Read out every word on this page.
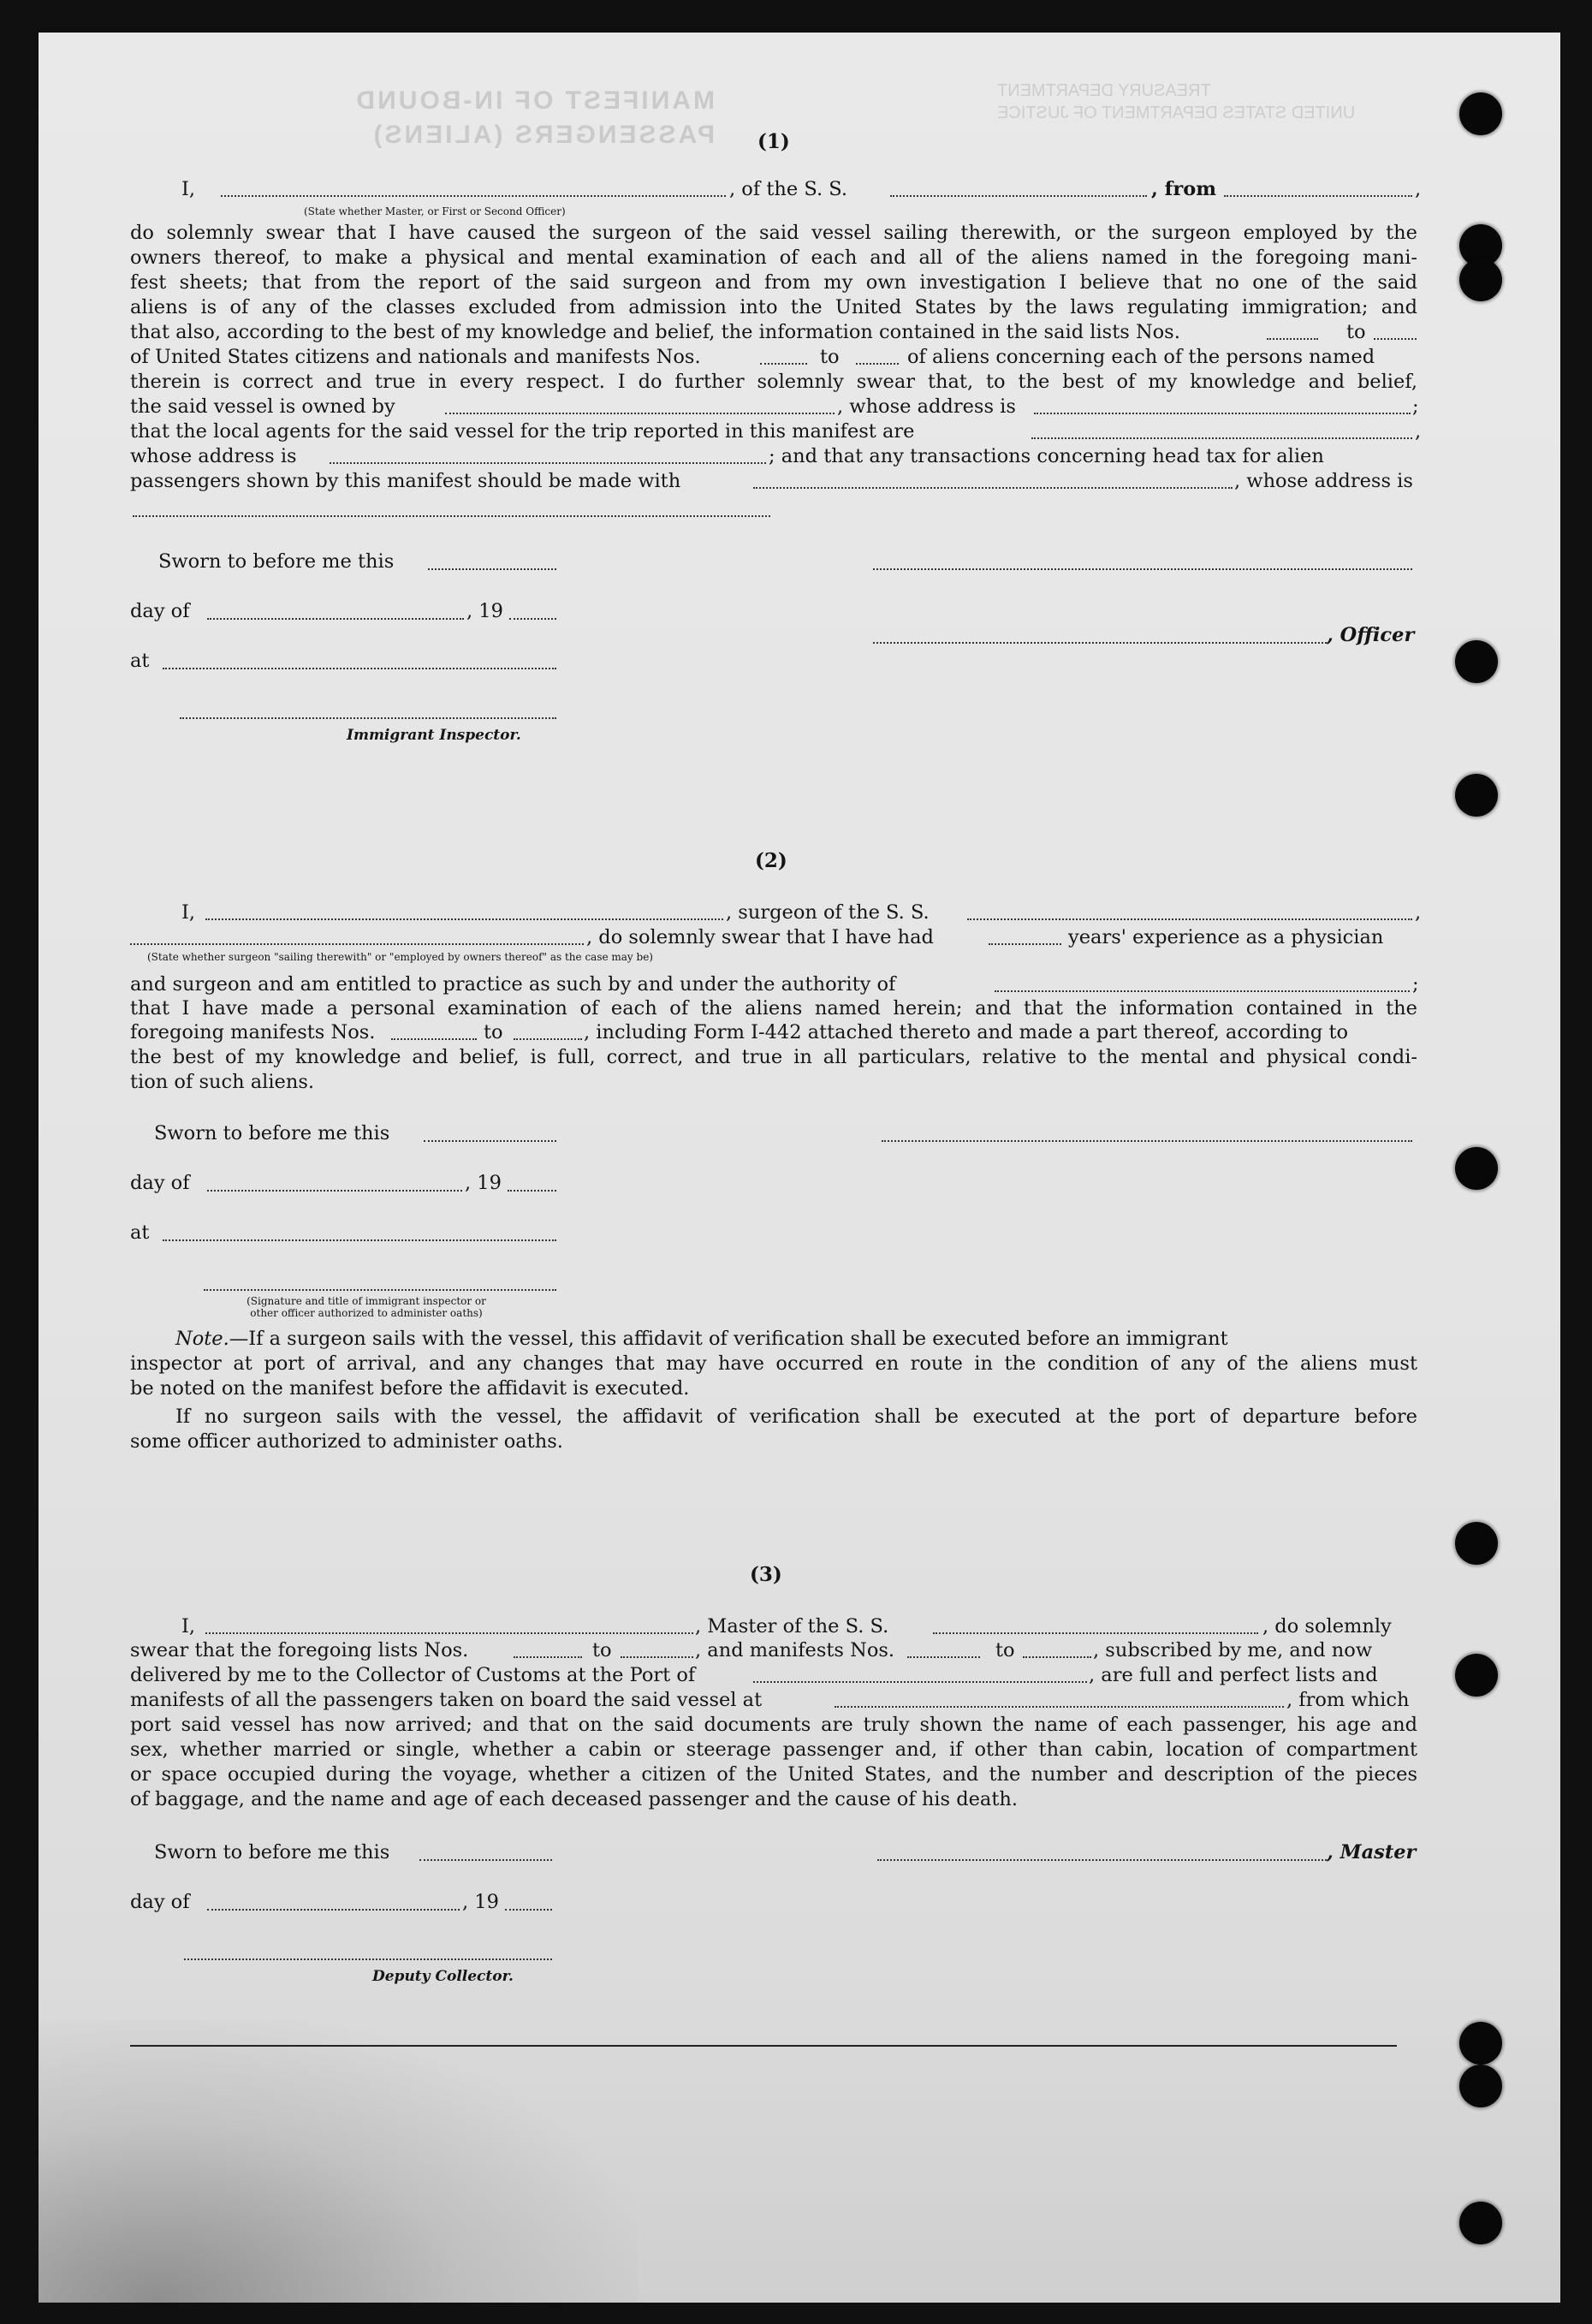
MANIFEST OF IN-BOUND PASSENGERS (ALIENS)
TREASURY DEPARTMENT
UNITED STATES DEPARTMENT OF JUSTICE
(1)
I,	, of the S. S.	, from	,
(State whether Master, or First or Second Officer)
do solemnly swear that I have caused the surgeon of the said vessel sailing therewith, or the surgeon employed by the
owners thereof, to make a physical and mental examination of each and all of the aliens named in the foregoing mani-
fest sheets; that from the report of the said surgeon and from my own investigation I believe that no one of the said
aliens is of any of the classes excluded from admission into the United States by the laws regulating immigration; and
that also, according to the best of my knowledge and belief, the information contained in the said lists Nos.	to
of United States citizens and nationals and manifests Nos.	to	of aliens concerning each of the persons named
therein is correct and true in every respect. I do further solemnly swear that, to the best of my knowledge and belief,
the said vessel is owned by	, whose address is	;
that the local agents for the said vessel for the trip reported in this manifest are	,
whose address is	; and that any transactions concerning head tax for alien
passengers shown by this manifest should be made with	, whose address is
Sworn to before me this
day of	, 19
, Officer
at
Immigrant Inspector.
(2)
I,	, surgeon of the S. S.	,
, do solemnly swear that I have had	years' experience as a physician
(State whether surgeon "sailing therewith" or "employed by owners thereof" as the case may be)
and surgeon and am entitled to practice as such by and under the authority of	;
that I have made a personal examination of each of the aliens named herein; and that the information contained in the
foregoing manifests Nos.	to	, including Form I-442 attached thereto and made a part thereof, according to
the best of my knowledge and belief, is full, correct, and true in all particulars, relative to the mental and physical condi-
tion of such aliens.
Sworn to before me this
day of	, 19
at
(Signature and title of immigrant inspector or
other officer authorized to administer oaths)
Note.—If a surgeon sails with the vessel, this affidavit of verification shall be executed before an immigrant
inspector at port of arrival, and any changes that may have occurred en route in the condition of any of the aliens must
be noted on the manifest before the affidavit is executed.
If no surgeon sails with the vessel, the affidavit of verification shall be executed at the port of departure before
some officer authorized to administer oaths.
(3)
I,	, Master of the S. S.	, do solemnly
swear that the foregoing lists Nos.	to	, and manifests Nos.	to	, subscribed by me, and now
delivered by me to the Collector of Customs at the Port of	, are full and perfect lists and
manifests of all the passengers taken on board the said vessel at	, from which
port said vessel has now arrived; and that on the said documents are truly shown the name of each passenger, his age and
sex, whether married or single, whether a cabin or steerage passenger and, if other than cabin, location of compartment
or space occupied during the voyage, whether a citizen of the United States, and the number and description of the pieces
of baggage, and the name and age of each deceased passenger and the cause of his death.
Sworn to before me this	, Master
day of	, 19
Deputy Collector.
